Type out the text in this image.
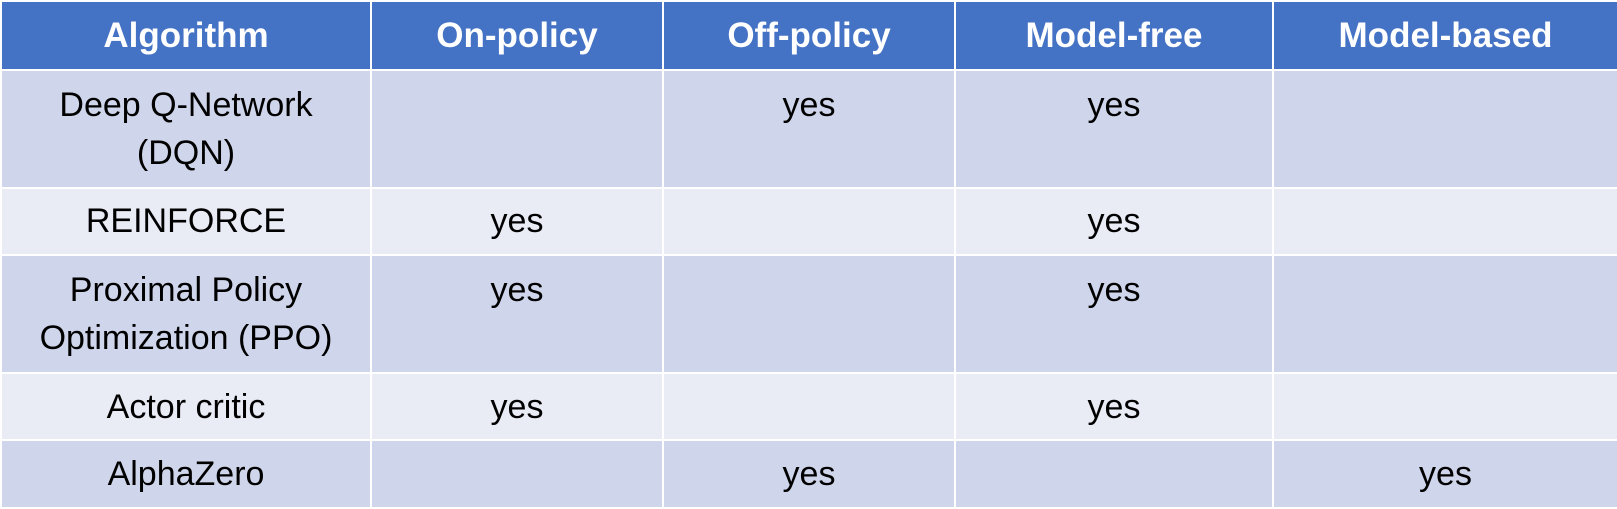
Algorithm	On-policy	Off-policy	Model-free	Model-based
Deep Q-Network (DQN)		yes	yes	
REINFORCE	yes		yes	
Proximal Policy Optimization (PPO)	yes		yes	
Actor critic	yes		yes	
AlphaZero		yes		yes
